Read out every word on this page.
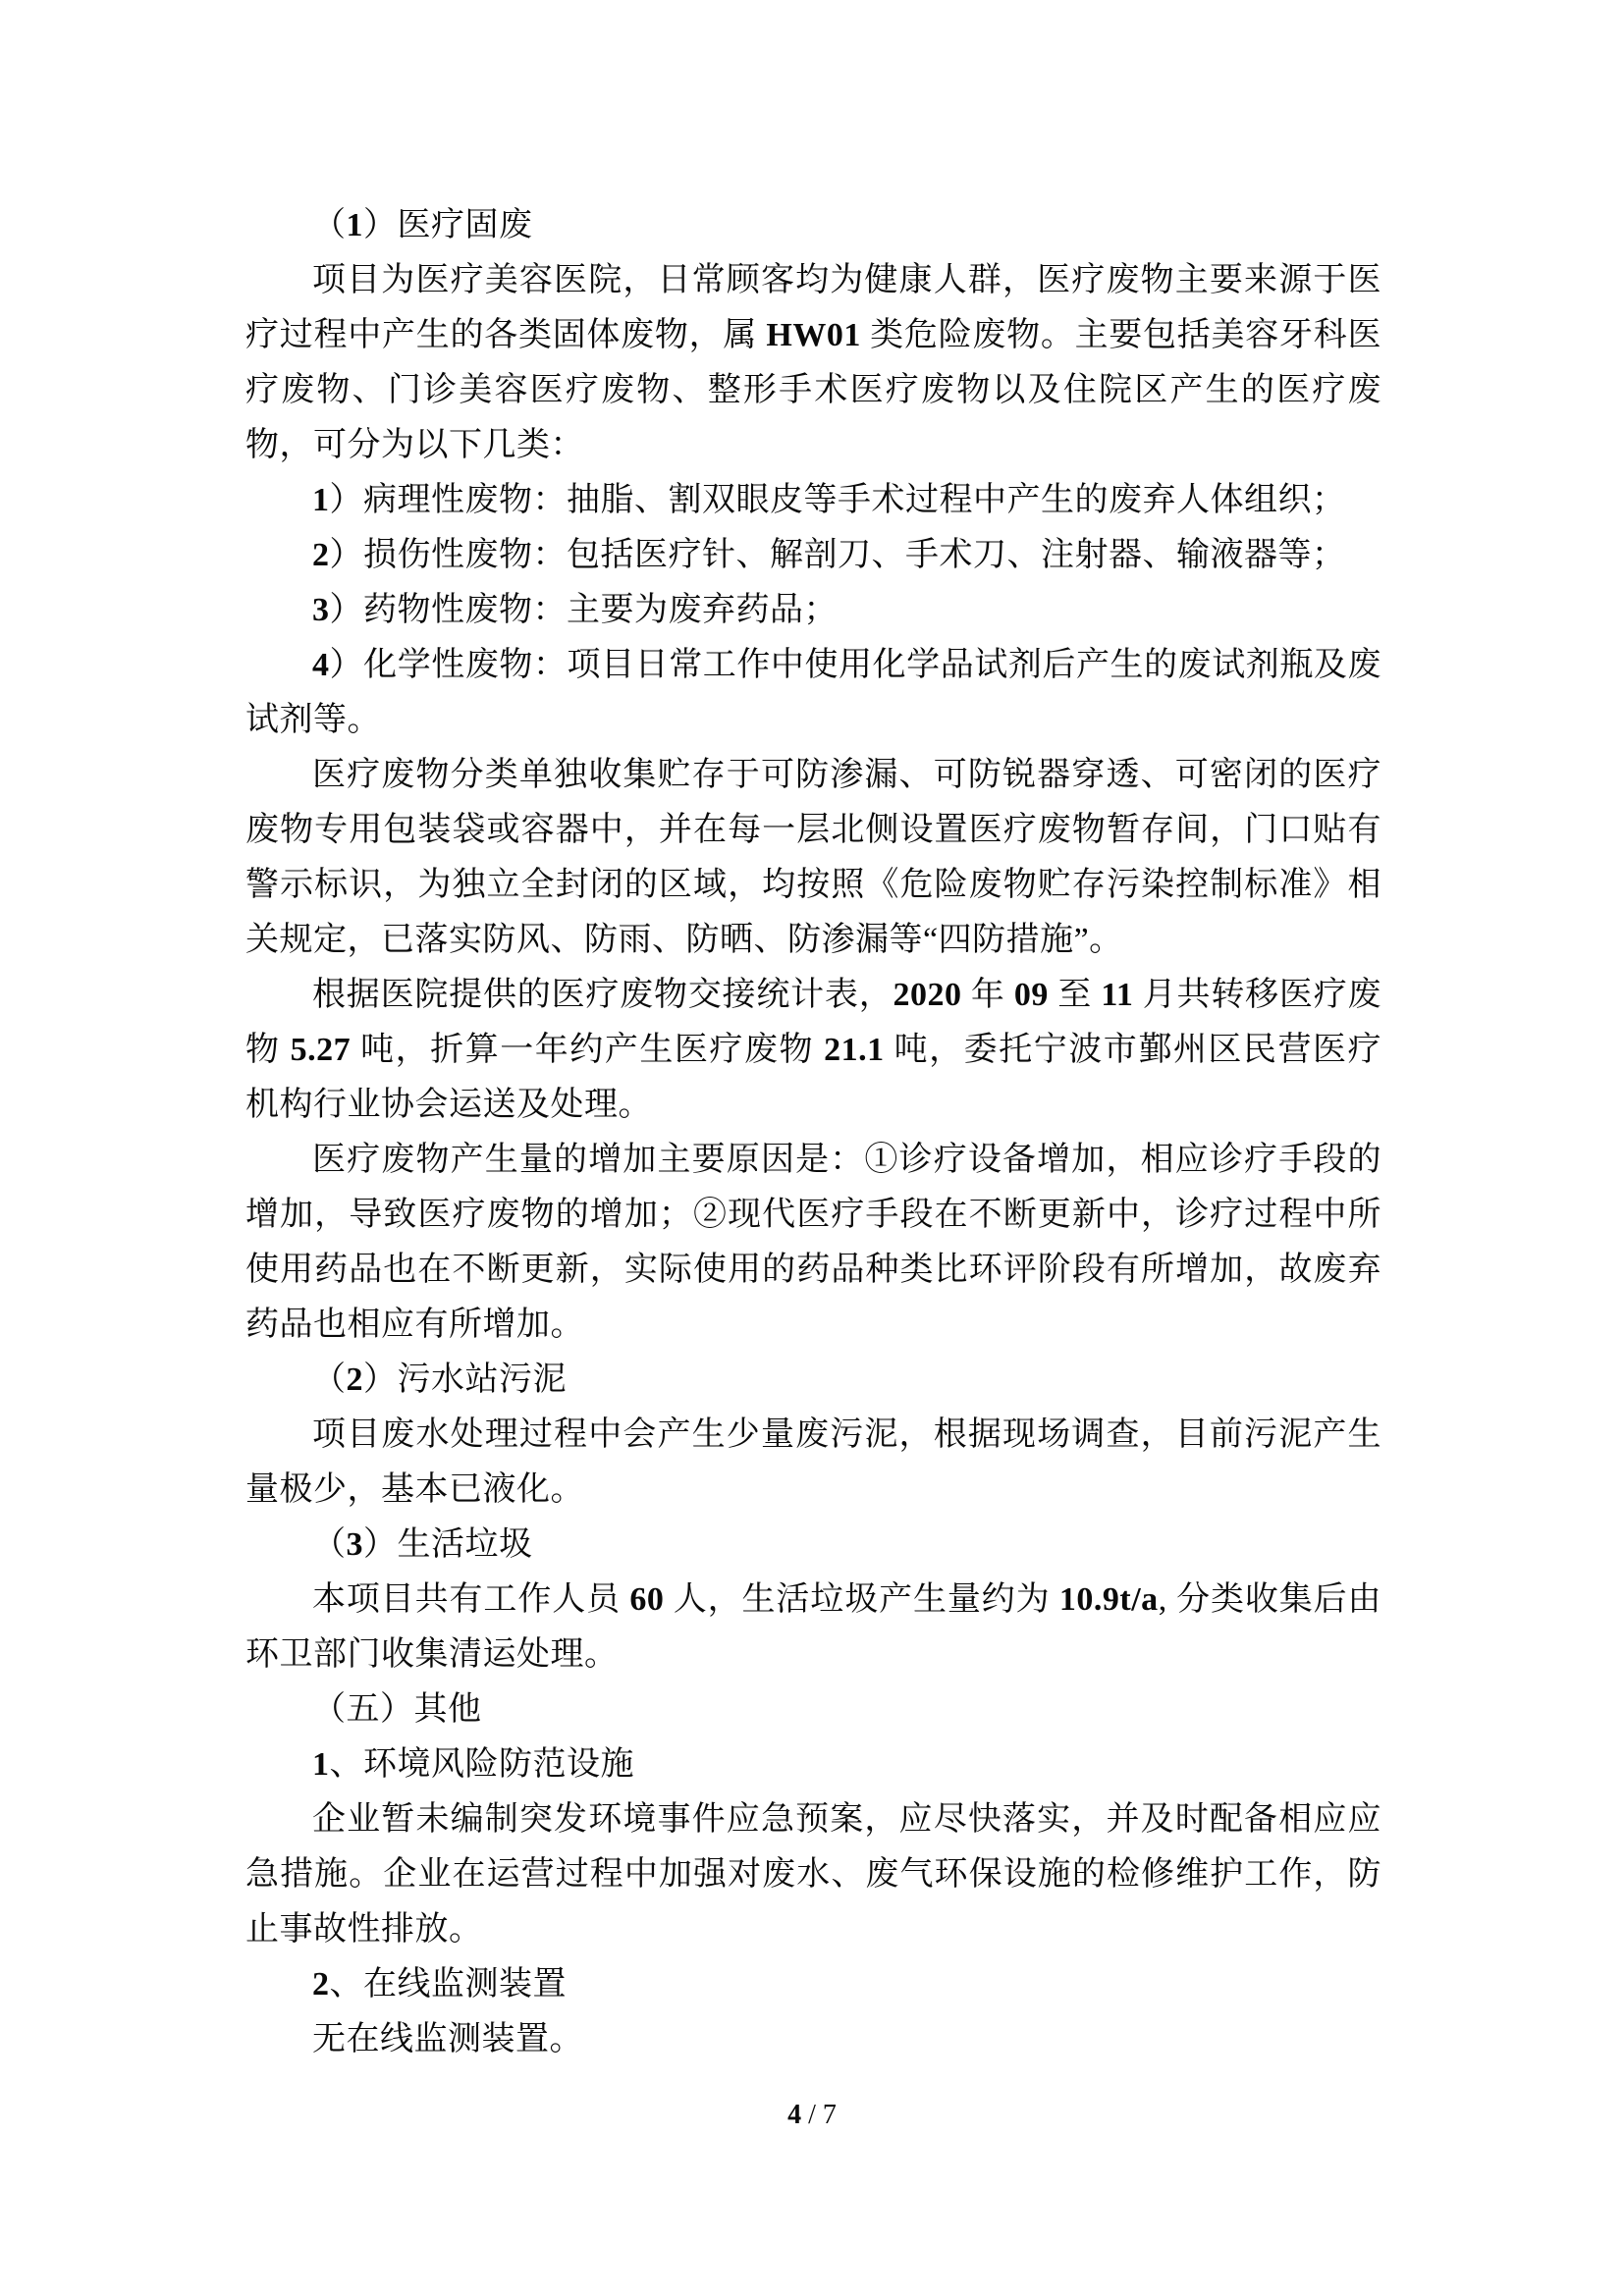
（1）医疗固废

项目为医疗美容医院，日常顾客均为健康人群，医疗废物主要来源于医疗过程中产生的各类固体废物，属 HW01 类危险废物。主要包括美容牙科医疗废物、门诊美容医疗废物、整形手术医疗废物以及住院区产生的医疗废物，可分为以下几类：

1）病理性废物：抽脂、割双眼皮等手术过程中产生的废弃人体组织；

2）损伤性废物：包括医疗针、解剖刀、手术刀、注射器、输液器等；

3）药物性废物：主要为废弃药品；

4）化学性废物：项目日常工作中使用化学品试剂后产生的废试剂瓶及废试剂等。

医疗废物分类单独收集贮存于可防渗漏、可防锐器穿透、可密闭的医疗废物专用包装袋或容器中，并在每一层北侧设置医疗废物暂存间，门口贴有警示标识，为独立全封闭的区域，均按照《危险废物贮存污染控制标准》相关规定，已落实防风、防雨、防晒、防渗漏等“四防措施”。

根据医院提供的医疗废物交接统计表，2020 年 09 至 11 月共转移医疗废物 5.27 吨，折算一年约产生医疗废物 21.1 吨，委托宁波市鄞州区民营医疗机构行业协会运送及处理。

医疗废物产生量的增加主要原因是：①诊疗设备增加，相应诊疗手段的增加，导致医疗废物的增加；②现代医疗手段在不断更新中，诊疗过程中所使用药品也在不断更新，实际使用的药品种类比环评阶段有所增加，故废弃药品也相应有所增加。

（2）污水站污泥

项目废水处理过程中会产生少量废污泥，根据现场调查，目前污泥产生量极少，基本已液化。

（3）生活垃圾

本项目共有工作人员 60 人，生活垃圾产生量约为 10.9t/a, 分类收集后由环卫部门收集清运处理。

（五）其他

1、环境风险防范设施

企业暂未编制突发环境事件应急预案，应尽快落实，并及时配备相应应急措施。企业在运营过程中加强对废水、废气环保设施的检修维护工作，防止事故性排放。

2、在线监测装置

无在线监测装置。

4 / 7
